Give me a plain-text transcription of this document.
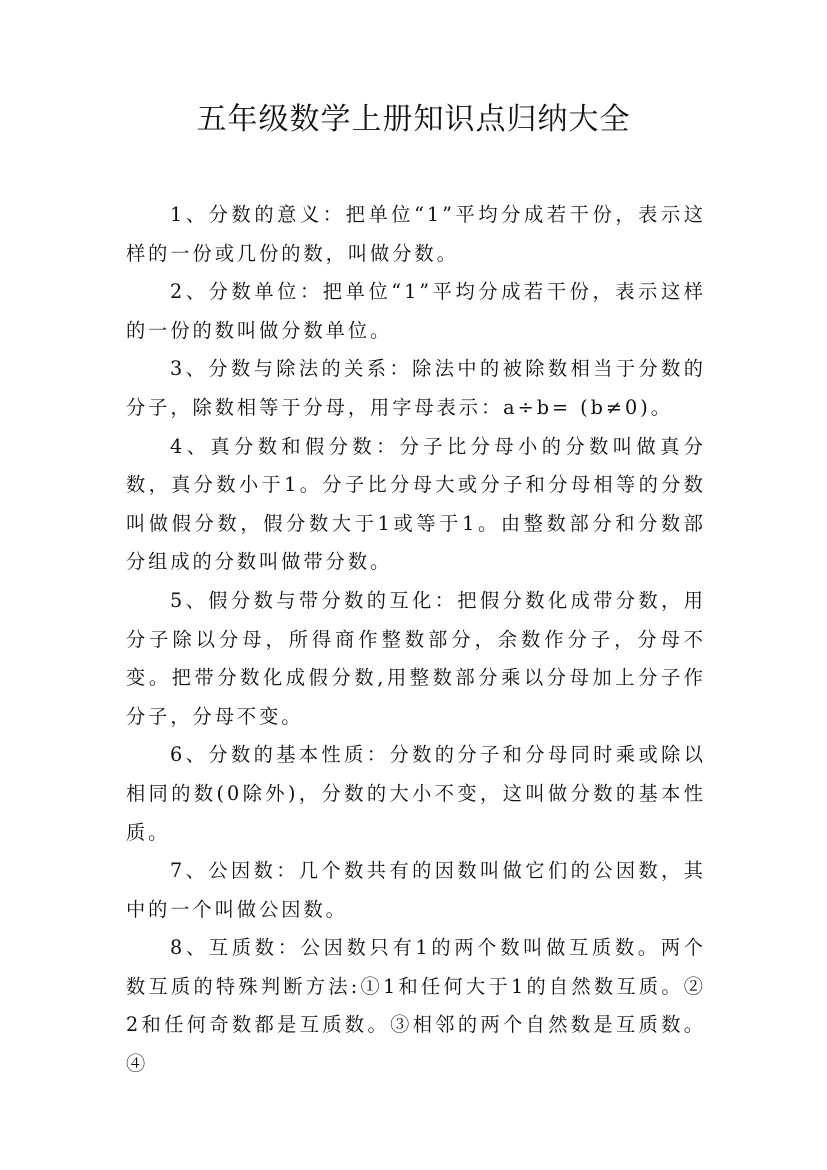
五年级数学上册知识点归纳大全

1、分数的意义：把单位“1”平均分成若干份，表示这样的一份或几份的数，叫做分数。

2、分数单位：把单位“1”平均分成若干份，表示这样的一份的数叫做分数单位。

3、分数与除法的关系：除法中的被除数相当于分数的分子，除数相等于分母，用字母表示：a÷b= (b≠0)。

4、真分数和假分数：分子比分母小的分数叫做真分数，真分数小于1。分子比分母大或分子和分母相等的分数叫做假分数，假分数大于1或等于1。由整数部分和分数部分组成的分数叫做带分数。

5、假分数与带分数的互化：把假分数化成带分数，用分子除以分母，所得商作整数部分，余数作分子，分母不变。把带分数化成假分数,用整数部分乘以分母加上分子作分子，分母不变。

6、分数的基本性质：分数的分子和分母同时乘或除以相同的数(0除外)，分数的大小不变，这叫做分数的基本性质。

7、公因数：几个数共有的因数叫做它们的公因数，其中的一个叫做公因数。

8、互质数：公因数只有1的两个数叫做互质数。两个数互质的特殊判断方法:①1和任何大于1的自然数互质。②2和任何奇数都是互质数。③相邻的两个自然数是互质数。④
